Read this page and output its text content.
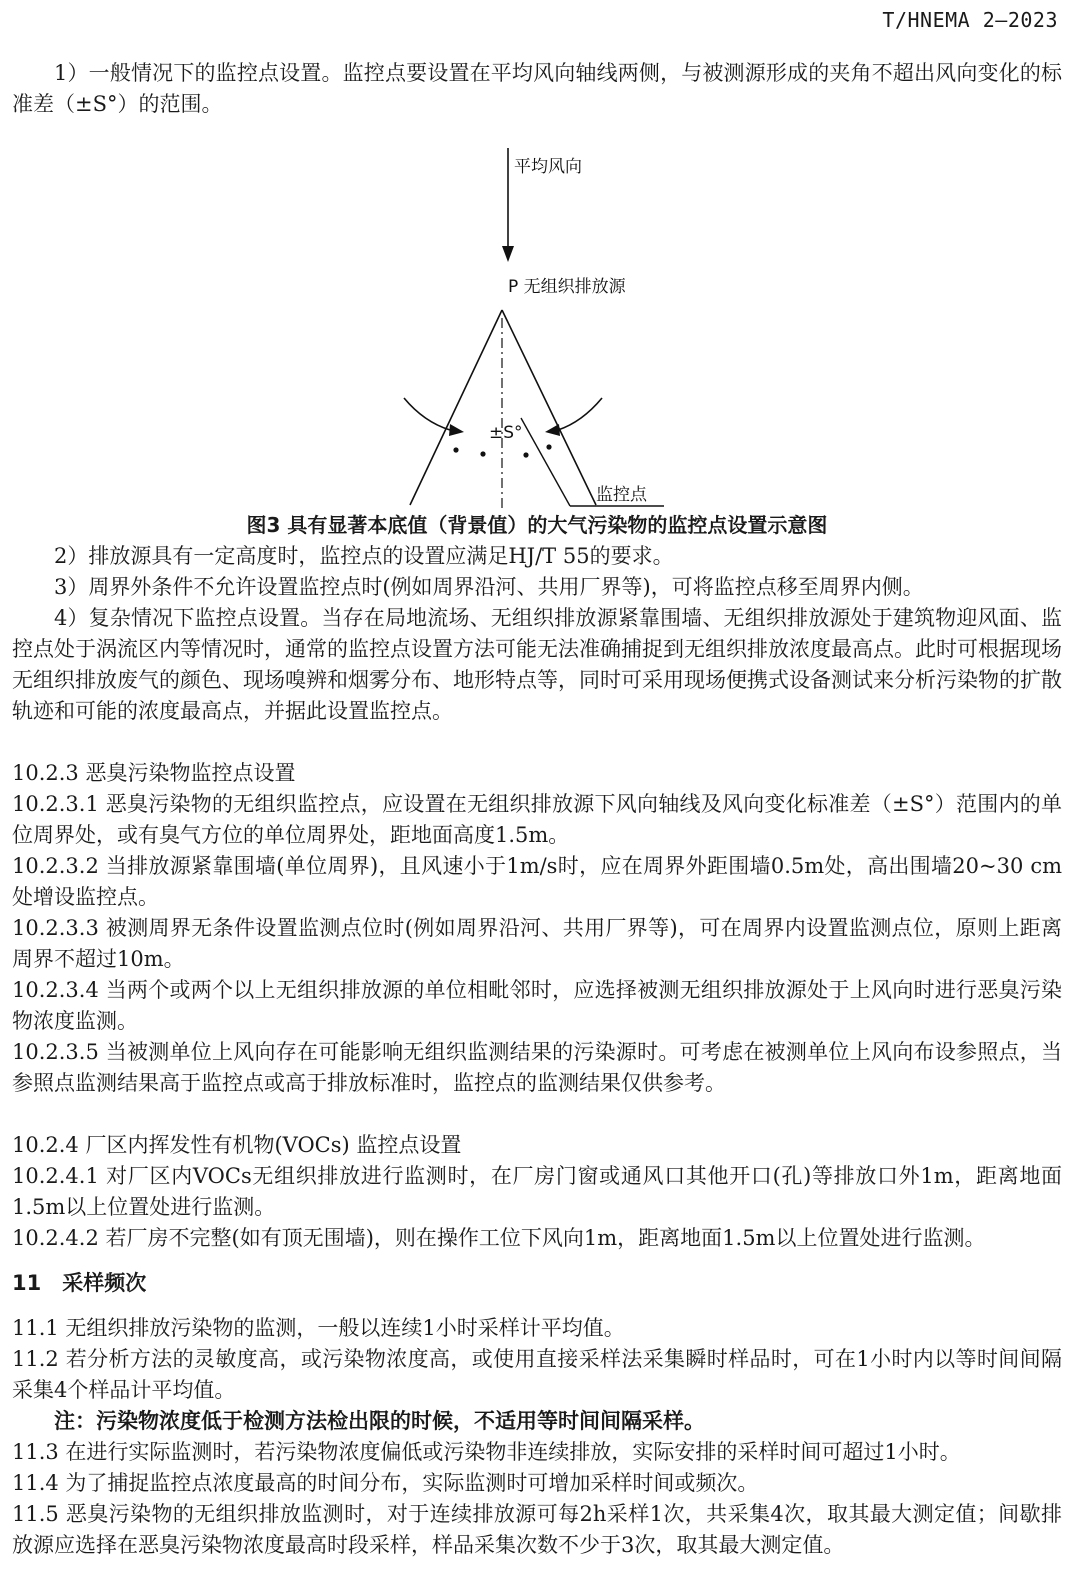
T/HNEMA 2—2023

1）一般情况下的监控点设置。监控点要设置在平均风向轴线两侧，与被测源形成的夹角不超出风向变化的标准差（±S°）的范围。

平均风向
P 无组织排放源
±S°
监控点

图3 具有显著本底值（背景值）的大气污染物的监控点设置示意图

2）排放源具有一定高度时，监控点的设置应满足HJ/T 55的要求。

3）周界外条件不允许设置监控点时(例如周界沿河、共用厂界等)，可将监控点移至周界内侧。

4）复杂情况下监控点设置。当存在局地流场、无组织排放源紧靠围墙、无组织排放源处于建筑物迎风面、监控点处于涡流区内等情况时，通常的监控点设置方法可能无法准确捕捉到无组织排放浓度最高点。此时可根据现场无组织排放废气的颜色、现场嗅辨和烟雾分布、地形特点等，同时可采用现场便携式设备测试来分析污染物的扩散轨迹和可能的浓度最高点，并据此设置监控点。

10.2.3 恶臭污染物监控点设置

10.2.3.1 恶臭污染物的无组织监控点，应设置在无组织排放源下风向轴线及风向变化标准差（±S°）范围内的单位周界处，或有臭气方位的单位周界处，距地面高度1.5m。

10.2.3.2 当排放源紧靠围墙(单位周界)，且风速小于1m/s时，应在周界外距围墙0.5m处，高出围墙20~30 cm处增设监控点。

10.2.3.3 被测周界无条件设置监测点位时(例如周界沿河、共用厂界等)，可在周界内设置监测点位，原则上距离周界不超过10m。

10.2.3.4 当两个或两个以上无组织排放源的单位相毗邻时，应选择被测无组织排放源处于上风向时进行恶臭污染物浓度监测。

10.2.3.5 当被测单位上风向存在可能影响无组织监测结果的污染源时。可考虑在被测单位上风向布设参照点，当参照点监测结果高于监控点或高于排放标准时，监控点的监测结果仅供参考。

10.2.4 厂区内挥发性有机物(VOCs) 监控点设置

10.2.4.1 对厂区内VOCs无组织排放进行监测时，在厂房门窗或通风口其他开口(孔)等排放口外1m，距离地面1.5m以上位置处进行监测。

10.2.4.2 若厂房不完整(如有顶无围墙)，则在操作工位下风向1m，距离地面1.5m以上位置处进行监测。

11　采样频次

11.1 无组织排放污染物的监测，一般以连续1小时采样计平均值。

11.2 若分析方法的灵敏度高，或污染物浓度高，或使用直接采样法采集瞬时样品时，可在1小时内以等时间间隔采集4个样品计平均值。

注：污染物浓度低于检测方法检出限的时候，不适用等时间间隔采样。

11.3 在进行实际监测时，若污染物浓度偏低或污染物非连续排放，实际安排的采样时间可超过1小时。

11.4 为了捕捉监控点浓度最高的时间分布，实际监测时可增加采样时间或频次。

11.5 恶臭污染物的无组织排放监测时，对于连续排放源可每2h采样1次，共采集4次，取其最大测定值；间歇排放源应选择在恶臭污染物浓度最高时段采样，样品采集次数不少于3次，取其最大测定值。
